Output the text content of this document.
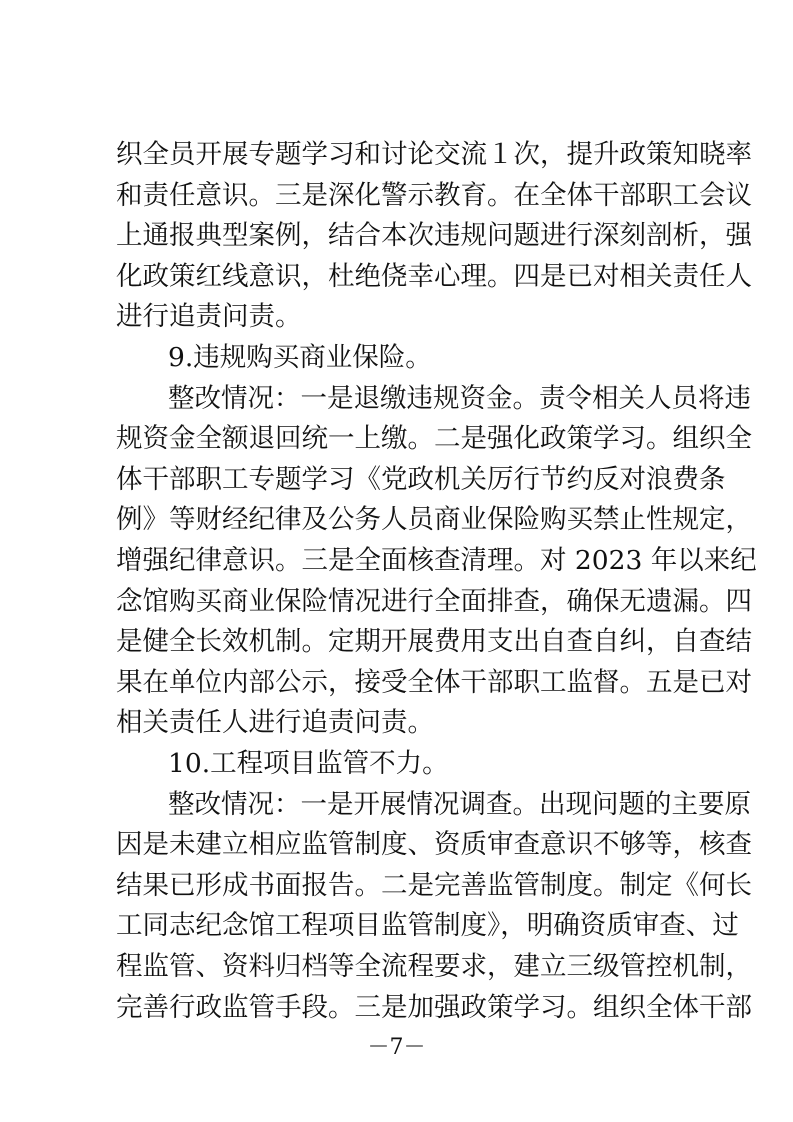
织全员开展专题学习和讨论交流１次，提升政策知晓率
和责任意识。三是深化警示教育。在全体干部职工会议
上通报典型案例，结合本次违规问题进行深刻剖析，强
化政策红线意识，杜绝侥幸心理。四是已对相关责任人
进行追责问责。
9.违规购买商业保险。
整改情况：一是退缴违规资金。责令相关人员将违
规资金全额退回统一上缴。二是强化政策学习。组织全
体干部职工专题学习《党政机关厉行节约反对浪费条
例》等财经纪律及公务人员商业保险购买禁止性规定，
增强纪律意识。三是全面核查清理。对 2023 年以来纪
念馆购买商业保险情况进行全面排查，确保无遗漏。四
是健全长效机制。定期开展费用支出自查自纠，自查结
果在单位内部公示，接受全体干部职工监督。五是已对
相关责任人进行追责问责。
10.工程项目监管不力。
整改情况：一是开展情况调查。出现问题的主要原
因是未建立相应监管制度、资质审查意识不够等，核查
结果已形成书面报告。二是完善监管制度。制定《何长
工同志纪念馆工程项目监管制度》，明确资质审查、过
程监管、资料归档等全流程要求，建立三级管控机制，
完善行政监管手段。三是加强政策学习。组织全体干部
－7－
